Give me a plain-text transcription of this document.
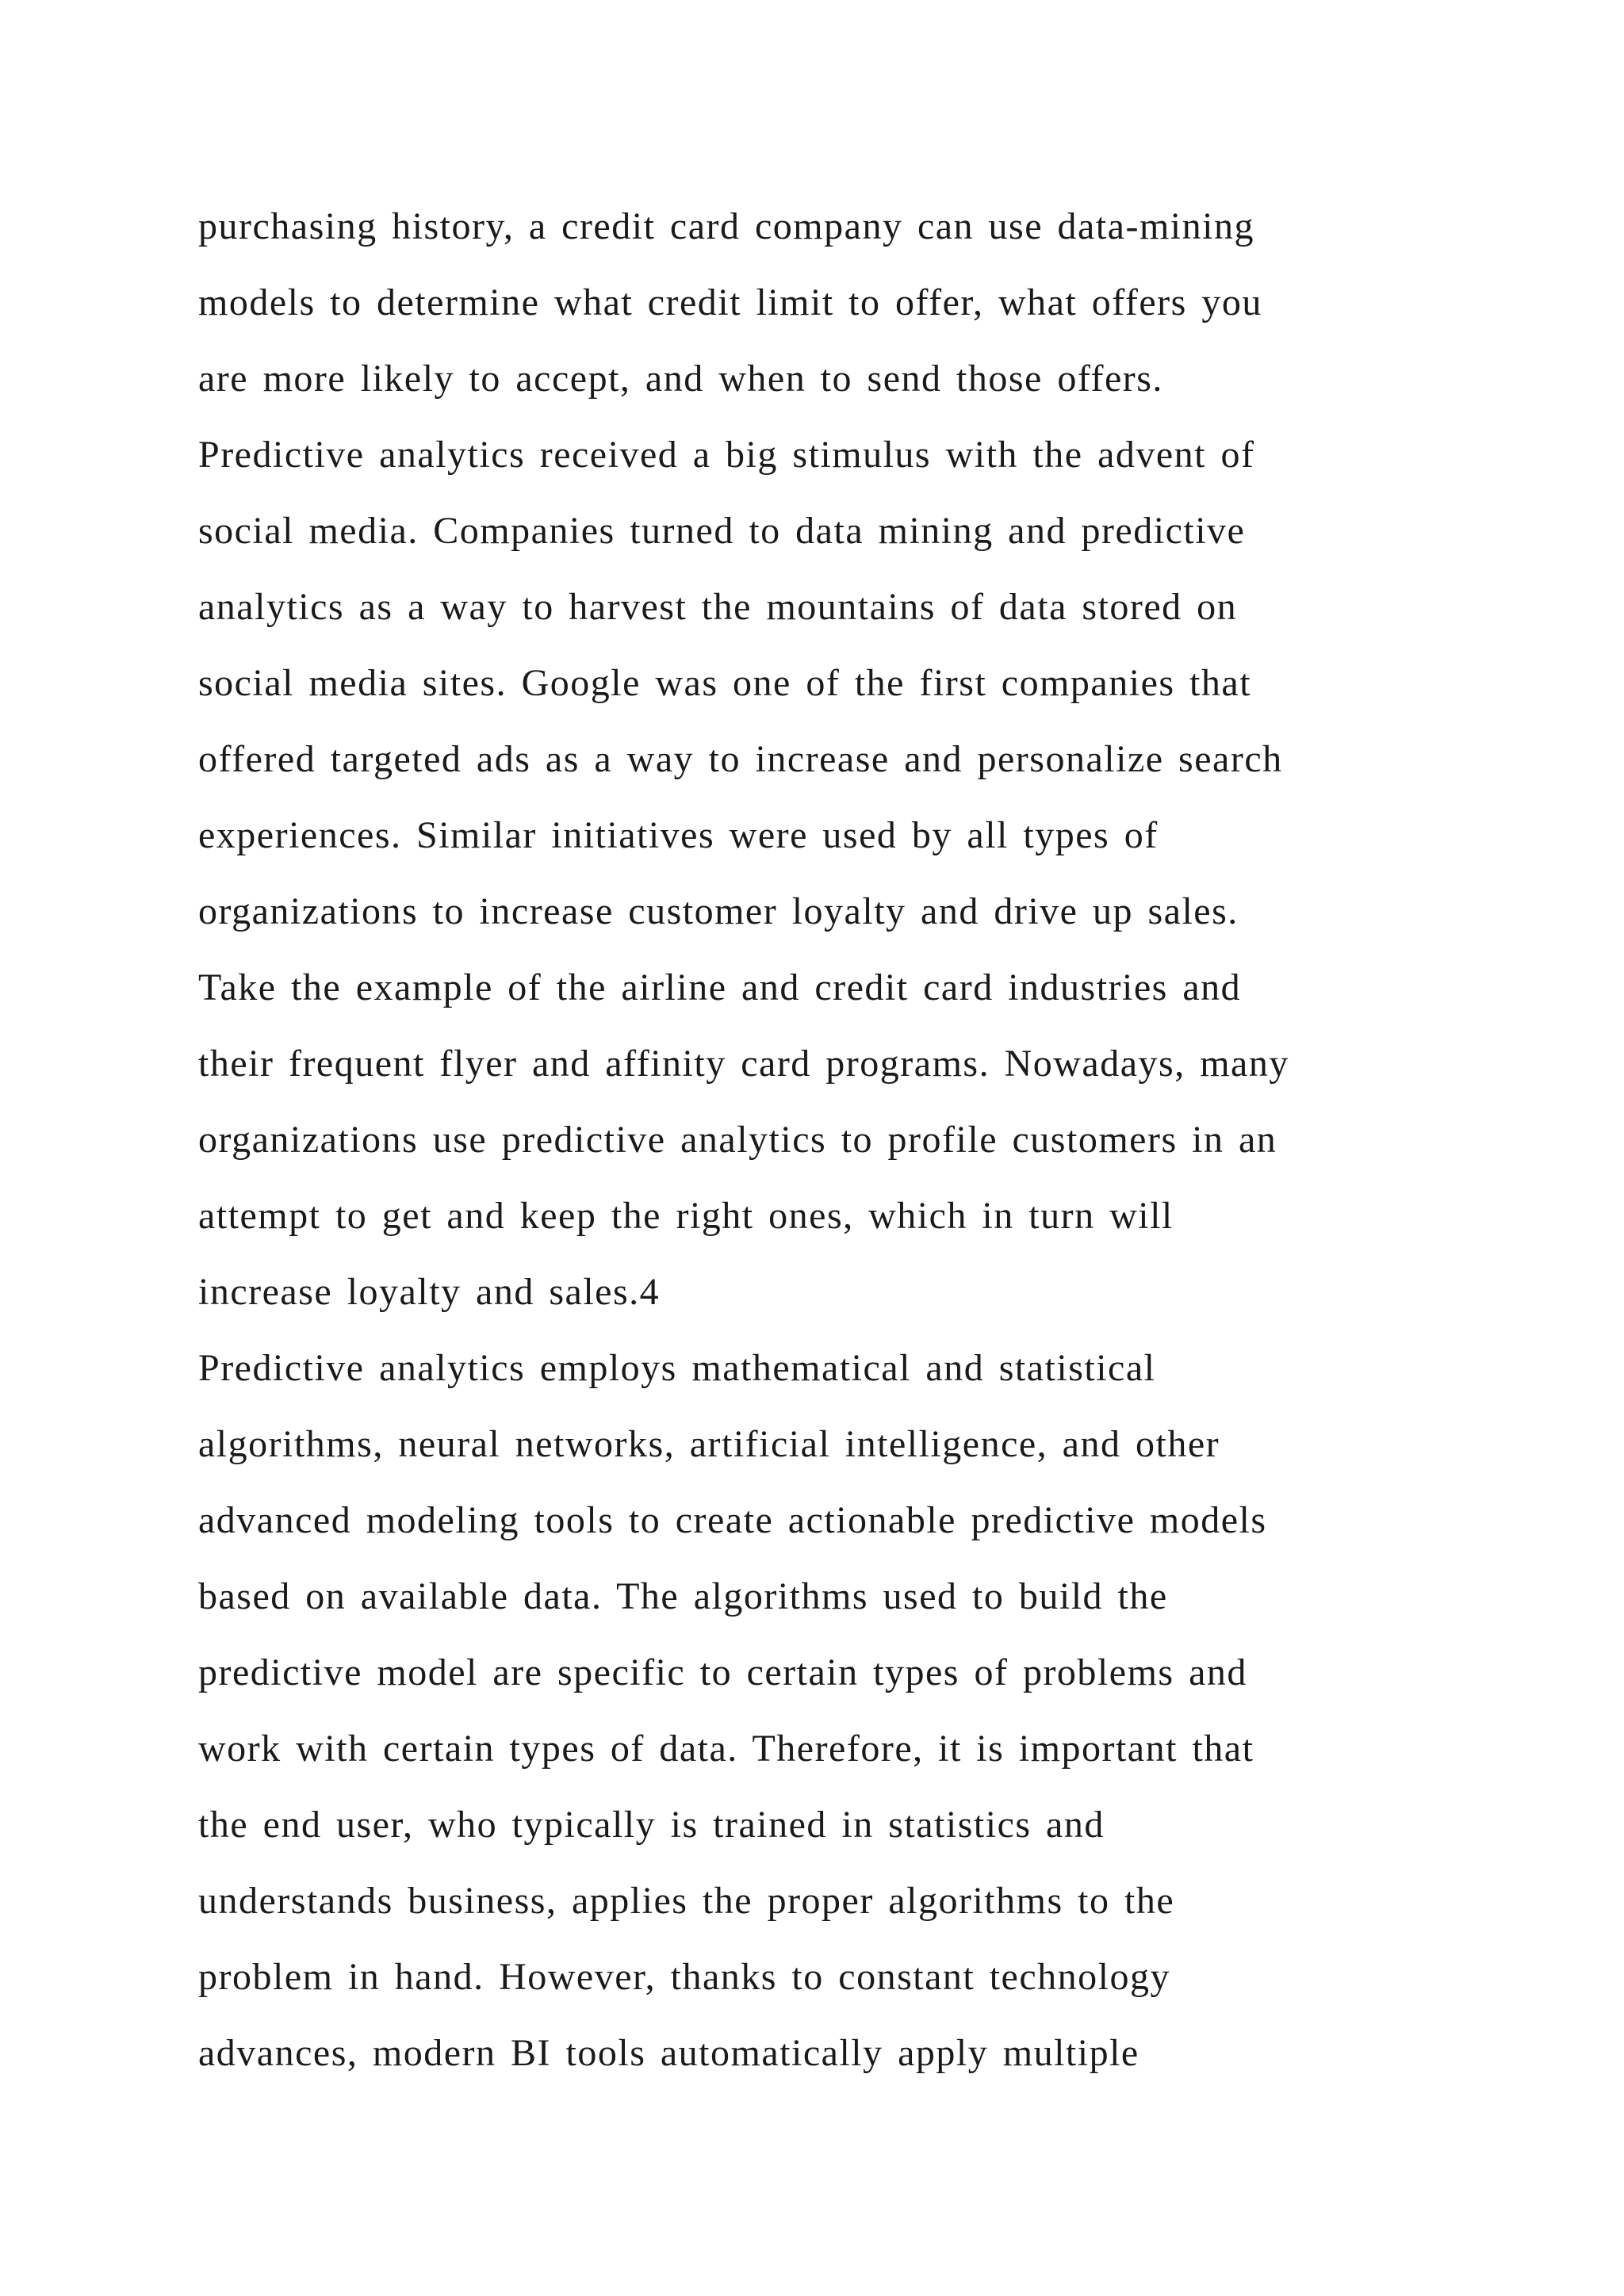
purchasing history, a credit card company can use data-mining
models to determine what credit limit to offer, what offers you
are more likely to accept, and when to send those offers.
Predictive analytics received a big stimulus with the advent of
social media. Companies turned to data mining and predictive
analytics as a way to harvest the mountains of data stored on
social media sites. Google was one of the first companies that
offered targeted ads as a way to increase and personalize search
experiences. Similar initiatives were used by all types of
organizations to increase customer loyalty and drive up sales.
Take the example of the airline and credit card industries and
their frequent flyer and affinity card programs. Nowadays, many
organizations use predictive analytics to profile customers in an
attempt to get and keep the right ones, which in turn will
increase loyalty and sales.4
Predictive analytics employs mathematical and statistical
algorithms, neural networks, artificial intelligence, and other
advanced modeling tools to create actionable predictive models
based on available data. The algorithms used to build the
predictive model are specific to certain types of problems and
work with certain types of data. Therefore, it is important that
the end user, who typically is trained in statistics and
understands business, applies the proper algorithms to the
problem in hand. However, thanks to constant technology
advances, modern BI tools automatically apply multiple
